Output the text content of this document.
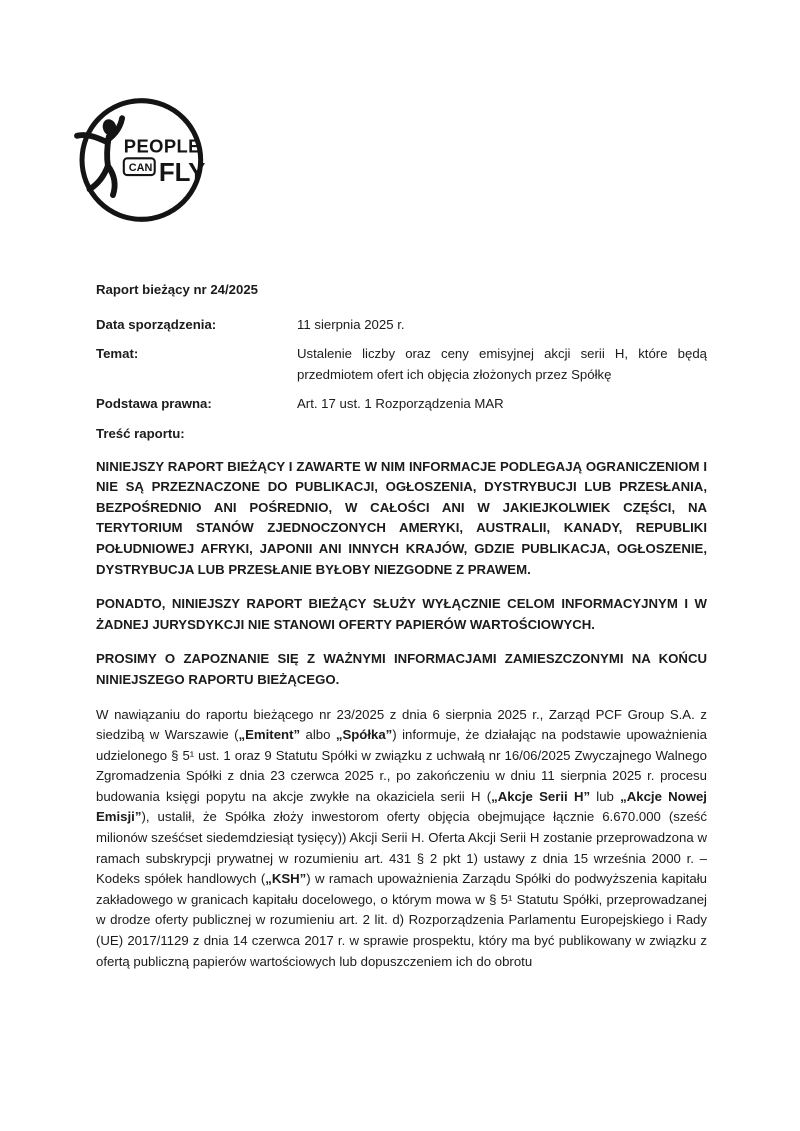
PEOPLE
CAN FLY
Raport bieżący nr 24/2025
Data sporządzenia:	11 sierpnia 2025 r.
Temat:	Ustalenie liczby oraz ceny emisyjnej akcji serii H, które będą przedmiotem ofert ich objęcia złożonych przez Spółkę
Podstawa prawna:	Art. 17 ust. 1 Rozporządzenia MAR
Treść raportu:

NINIEJSZY RAPORT BIEŻĄCY I ZAWARTE W NIM INFORMACJE PODLEGAJĄ OGRANICZENIOM I NIE SĄ PRZEZNACZONE DO PUBLIKACJI, OGŁOSZENIA, DYSTRYBUCJI LUB PRZESŁANIA, BEZPOŚREDNIO ANI POŚREDNIO, W CAŁOŚCI ANI W JAKIEJKOLWIEK CZĘŚCI, NA TERYTORIUM STANÓW ZJEDNOCZONYCH AMERYKI, AUSTRALII, KANADY, REPUBLIKI POŁUDNIOWEJ AFRYKI, JAPONII ANI INNYCH KRAJÓW, GDZIE PUBLIKACJA, OGŁOSZENIE, DYSTRYBUCJA LUB PRZESŁANIE BYŁOBY NIEZGODNE Z PRAWEM.

PONADTO, NINIEJSZY RAPORT BIEŻĄCY SŁUŻY WYŁĄCZNIE CELOM INFORMACYJNYM I W ŻADNEJ JURYSDYKCJI NIE STANOWI OFERTY PAPIERÓW WARTOŚCIOWYCH.

PROSIMY O ZAPOZNANIE SIĘ Z WAŻNYMI INFORMACJAMI ZAMIESZCZONYMI NA KOŃCU NINIEJSZEGO RAPORTU BIEŻĄCEGO.

W nawiązaniu do raportu bieżącego nr 23/2025 z dnia 6 sierpnia 2025 r., Zarząd PCF Group S.A. z siedzibą w Warszawie („Emitent” albo „Spółka”) informuje, że działając na podstawie upoważnienia udzielonego § 5¹ ust. 1 oraz 9 Statutu Spółki w związku z uchwałą nr 16/06/2025 Zwyczajnego Walnego Zgromadzenia Spółki z dnia 23 czerwca 2025 r., po zakończeniu w dniu 11 sierpnia 2025 r. procesu budowania księgi popytu na akcje zwykłe na okaziciela serii H („Akcje Serii H” lub „Akcje Nowej Emisji”), ustalił, że Spółka złoży inwestorom oferty objęcia obejmujące łącznie 6.670.000 (sześć milionów sześćset siedemdziesiąt tysięcy)) Akcji Serii H. Oferta Akcji Serii H zostanie przeprowadzona w ramach subskrypcji prywatnej w rozumieniu art. 431 § 2 pkt 1) ustawy z dnia 15 września 2000 r. – Kodeks spółek handlowych („KSH”) w ramach upoważnienia Zarządu Spółki do podwyższenia kapitału zakładowego w granicach kapitału docelowego, o którym mowa w § 5¹ Statutu Spółki, przeprowadzanej w drodze oferty publicznej w rozumieniu art. 2 lit. d) Rozporządzenia Parlamentu Europejskiego i Rady (UE) 2017/1129 z dnia 14 czerwca 2017 r. w sprawie prospektu, który ma być publikowany w związku z ofertą publiczną papierów wartościowych lub dopuszczeniem ich do obrotu
